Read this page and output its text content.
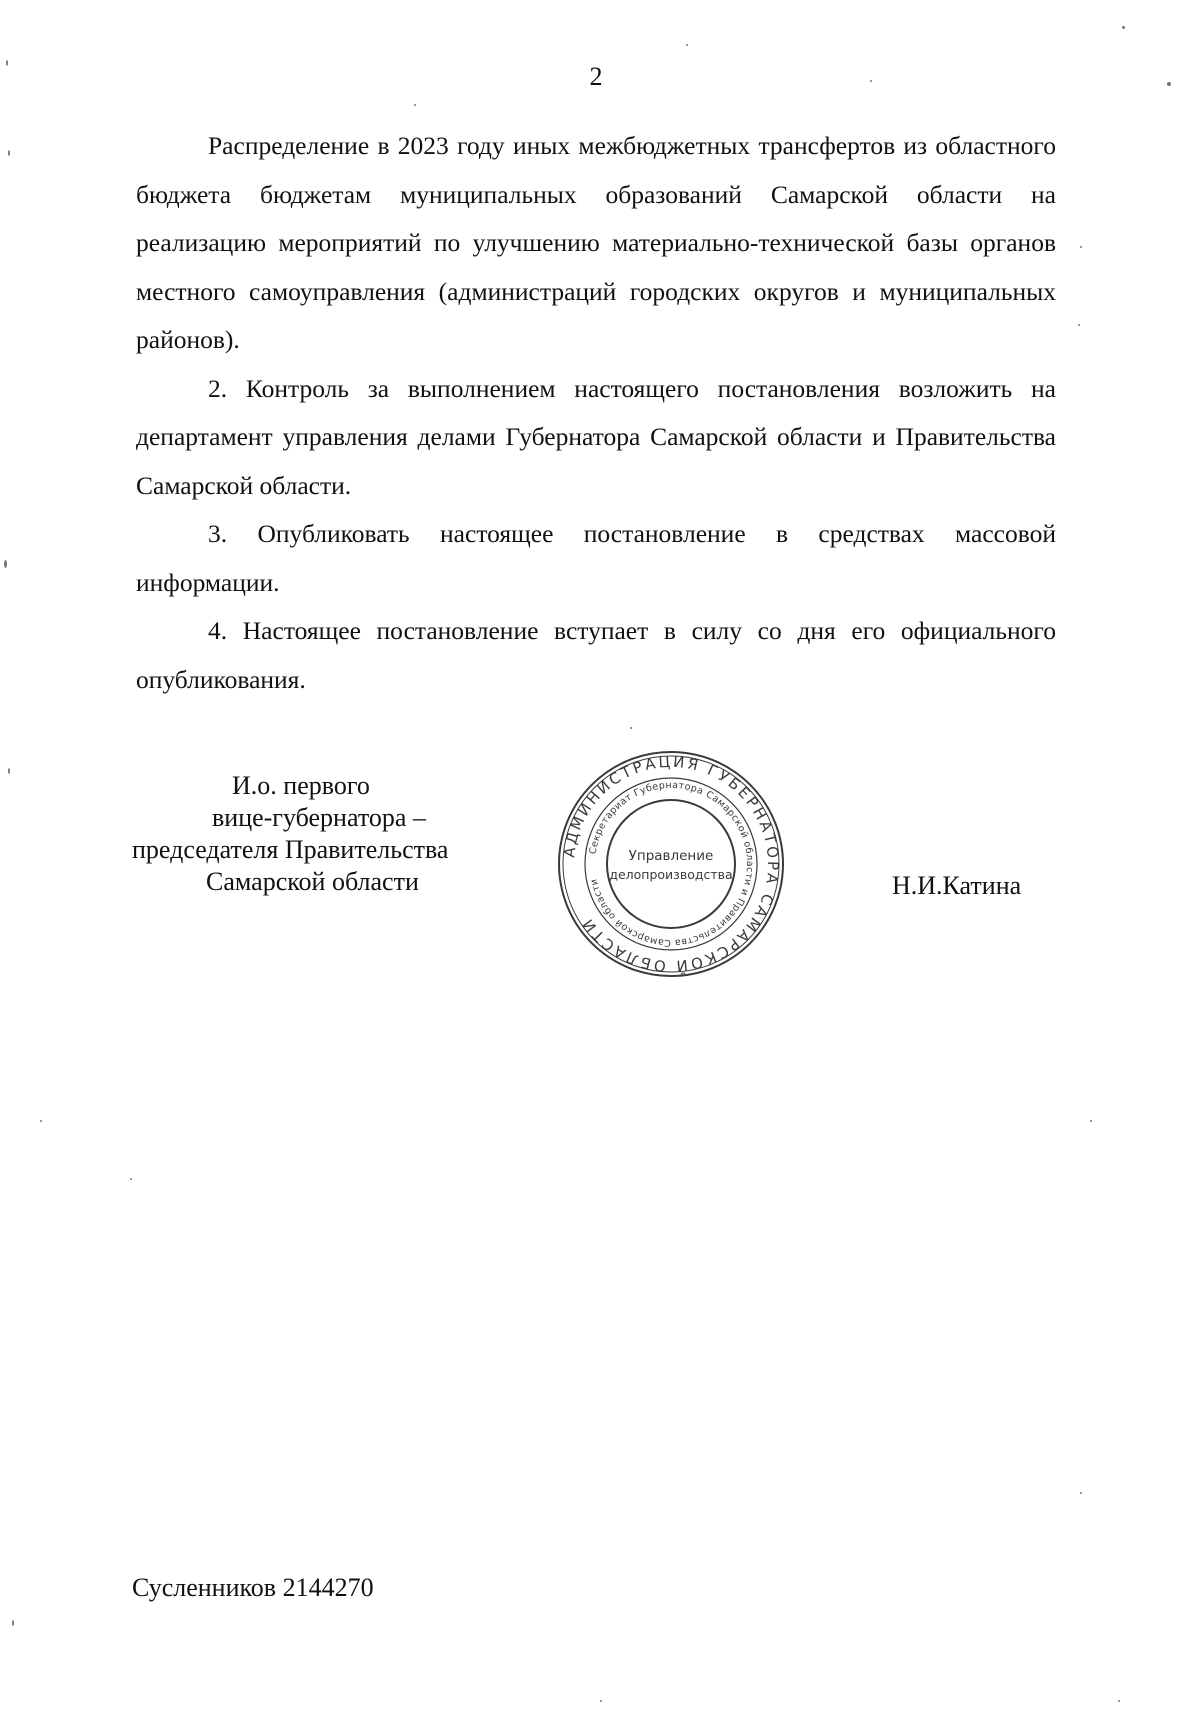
2

Распределение в 2023 году иных межбюджетных трансфертов из областного бюджета бюджетам муниципальных образований Самарской области на реализацию мероприятий по улучшению материально-технической базы органов местного самоуправления (администраций городских округов и муниципальных районов).

2. Контроль за выполнением настоящего постановления возложить на департамент управления делами Губернатора Самарской области и Правительства Самарской области.

3. Опубликовать настоящее постановление в средствах массовой информации.

4. Настоящее постановление вступает в силу со дня его официального опубликования.

И.о. первого
вице-губернатора –
председателя Правительства
Самарской области
АДМИНИСТРАЦИЯ ГУБЕРНАТОРА САМАРСКОЙ ОБЛАСТИ
Секретариат Губернатора Самарской области и Правительства Самарской области
Управление
делопроизводства	Н.И.Катина
Сусленников 2144270
